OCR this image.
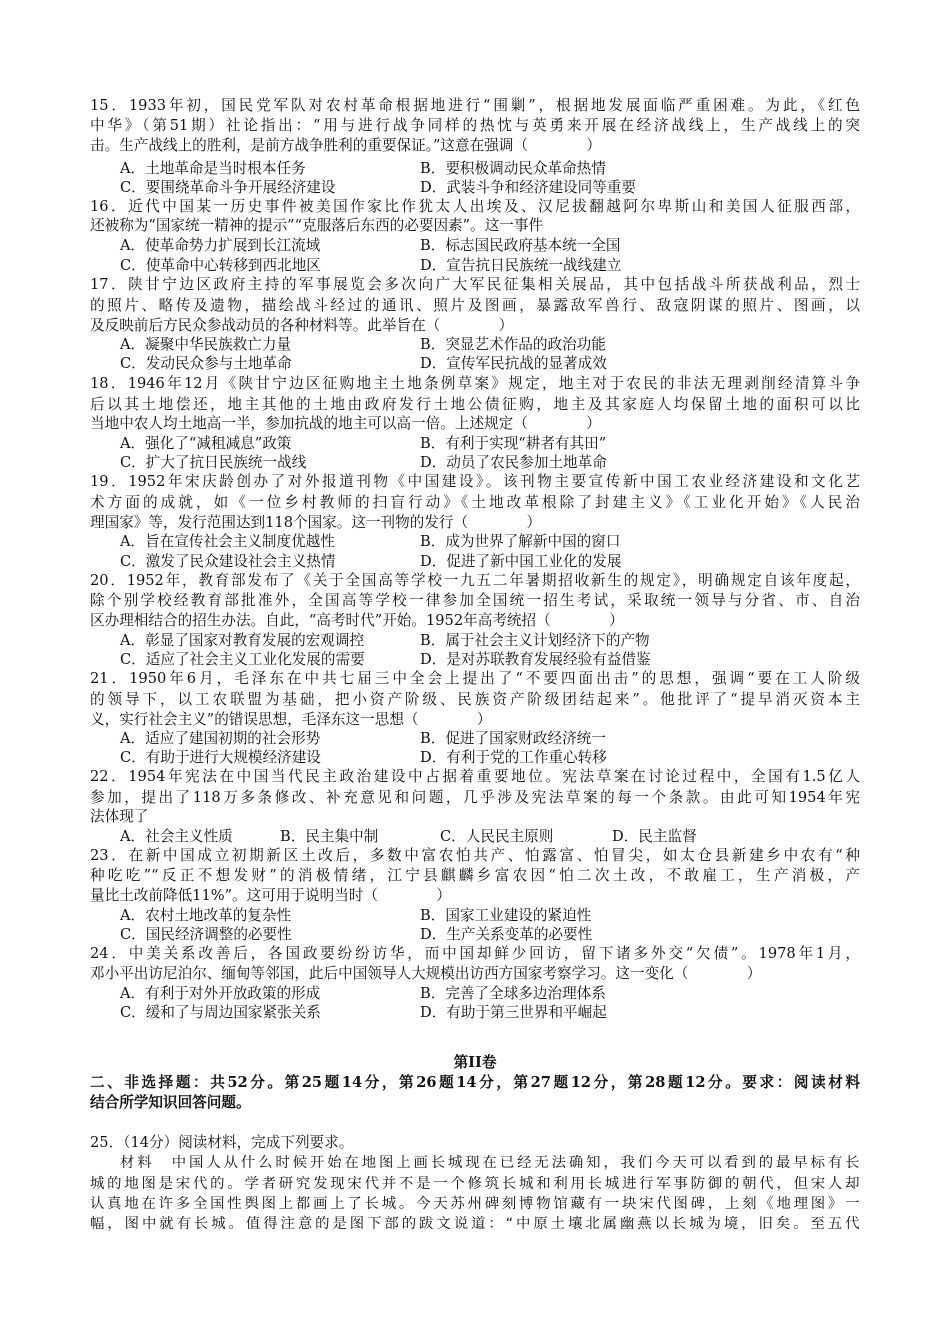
15．1933年初，国民党军队对农村革命根据地进行“围剿”，根据地发展面临严重困难。为此，《红色
中华》（第51期）社论指出：“用与进行战争同样的热忱与英勇来开展在经济战线上，生产战线上的突
击。生产战线上的胜利，是前方战争胜利的重要保证。”这意在强调（　　　　）
A．土地革命是当时根本任务	B．要积极调动民众革命热情
C．要围绕革命斗争开展经济建设	D．武装斗争和经济建设同等重要
16．近代中国某一历史事件被美国作家比作犹太人出埃及、汉尼拔翻越阿尔卑斯山和美国人征服西部，
还被称为“国家统一精神的提示”“克服落后东西的必要因素”。这一事件
A．使革命势力扩展到长江流域	B．标志国民政府基本统一全国
C．使革命中心转移到西北地区	D．宣告抗日民族统一战线建立
17．陕甘宁边区政府主持的军事展览会多次向广大军民征集相关展品，其中包括战斗所获战利品，烈士
的照片、略传及遗物，描绘战斗经过的通讯、照片及图画，暴露敌军兽行、敌寇阴谋的照片、图画，以
及反映前后方民众参战动员的各种材料等。此举旨在（　　　　）
A．凝聚中华民族救亡力量	B．突显艺术作品的政治功能
C．发动民众参与土地革命	D．宣传军民抗战的显著成效
18．1946年12月《陕甘宁边区征购地主土地条例草案》规定，地主对于农民的非法无理剥削经清算斗争
后以其土地偿还，地主其他的土地由政府发行土地公债征购，地主及其家庭人均保留土地的面积可以比
当地中农人均土地高一半，参加抗战的地主可以高一倍。上述规定（　　　　）
A．强化了“减租减息”政策	B．有利于实现“耕者有其田”
C．扩大了抗日民族统一战线	D．动员了农民参加土地革命
19．1952年宋庆龄创办了对外报道刊物《中国建设》。该刊物主要宣传新中国工农业经济建设和文化艺
术方面的成就，如《一位乡村教师的扫盲行动》《土地改革根除了封建主义》《工业化开始》《人民治
理国家》等，发行范围达到118个国家。这一刊物的发行（　　　　）
A．旨在宣传社会主义制度优越性	B．成为世界了解新中国的窗口
C．激发了民众建设社会主义热情	D．促进了新中国工业化的发展
20．1952年，教育部发布了《关于全国高等学校一九五二年暑期招收新生的规定》，明确规定自该年度起，
除个别学校经教育部批准外，全国高等学校一律参加全国统一招生考试，采取统一领导与分省、市、自治
区办理相结合的招生办法。自此，“高考时代”开始。1952年高考统招（　　　　）
A．彰显了国家对教育发展的宏观调控	B．属于社会主义计划经济下的产物
C．适应了社会主义工业化发展的需要	D．是对苏联教育发展经验有益借鉴
21．1950年6月，毛泽东在中共七届三中全会上提出了“不要四面出击”的思想，强调“要在工人阶级
的领导下，以工农联盟为基础，把小资产阶级、民族资产阶级团结起来”。他批评了“提早消灭资本主
义，实行社会主义”的错误思想，毛泽东这一思想（　　　　）
A．适应了建国初期的社会形势	B．促进了国家财政经济统一
C．有助于进行大规模经济建设	D．有利于党的工作重心转移
22．1954年宪法在中国当代民主政治建设中占据着重要地位。宪法草案在讨论过程中，全国有1.5亿人
参加，提出了118万多条修改、补充意见和问题，几乎涉及宪法草案的每一个条款。由此可知1954年宪
法体现了
A．社会主义性质	B．民主集中制	C．人民民主原则	D．民主监督
23．在新中国成立初期新区土改后，多数中富农怕共产、怕露富、怕冒尖，如太仓县新建乡中农有“种
种吃吃”“反正不想发财”的消极情绪，江宁县麒麟乡富农因“怕二次土改，不敢雇工，生产消极，产
量比土改前降低11%”。这可用于说明当时（　　　　）
A．农村土地改革的复杂性	B．国家工业建设的紧迫性
C．国民经济调整的必要性	D．生产关系变革的必要性
24．中美关系改善后，各国政要纷纷访华，而中国却鲜少回访，留下诸多外交“欠债”。1978年1月，
邓小平出访尼泊尔、缅甸等邻国，此后中国领导人大规模出访西方国家考察学习。这一变化（　　　　）
A．有利于对外开放政策的形成	B．完善了全球多边治理体系
C．缓和了与周边国家紧张关系	D．有助于第三世界和平崛起
第II卷
二、非选择题：共52分。第25题14分，第26题14分，第27题12分，第28题12分。要求：阅读材料
结合所学知识回答问题。
25．（14分）阅读材料，完成下列要求。
材料　中国人从什么时候开始在地图上画长城现在已经无法确知，我们今天可以看到的最早标有长
城的地图是宋代的。学者研究发现宋代并不是一个修筑长城和利用长城进行军事防御的朝代，但宋人却
认真地在许多全国性舆图上都画上了长城。今天苏州碑刻博物馆藏有一块宋代图碑，上刻《地理图》一
幅，图中就有长城。值得注意的是图下部的跋文说道：“中原土壤北属幽燕以长城为境，旧矣。至五代
